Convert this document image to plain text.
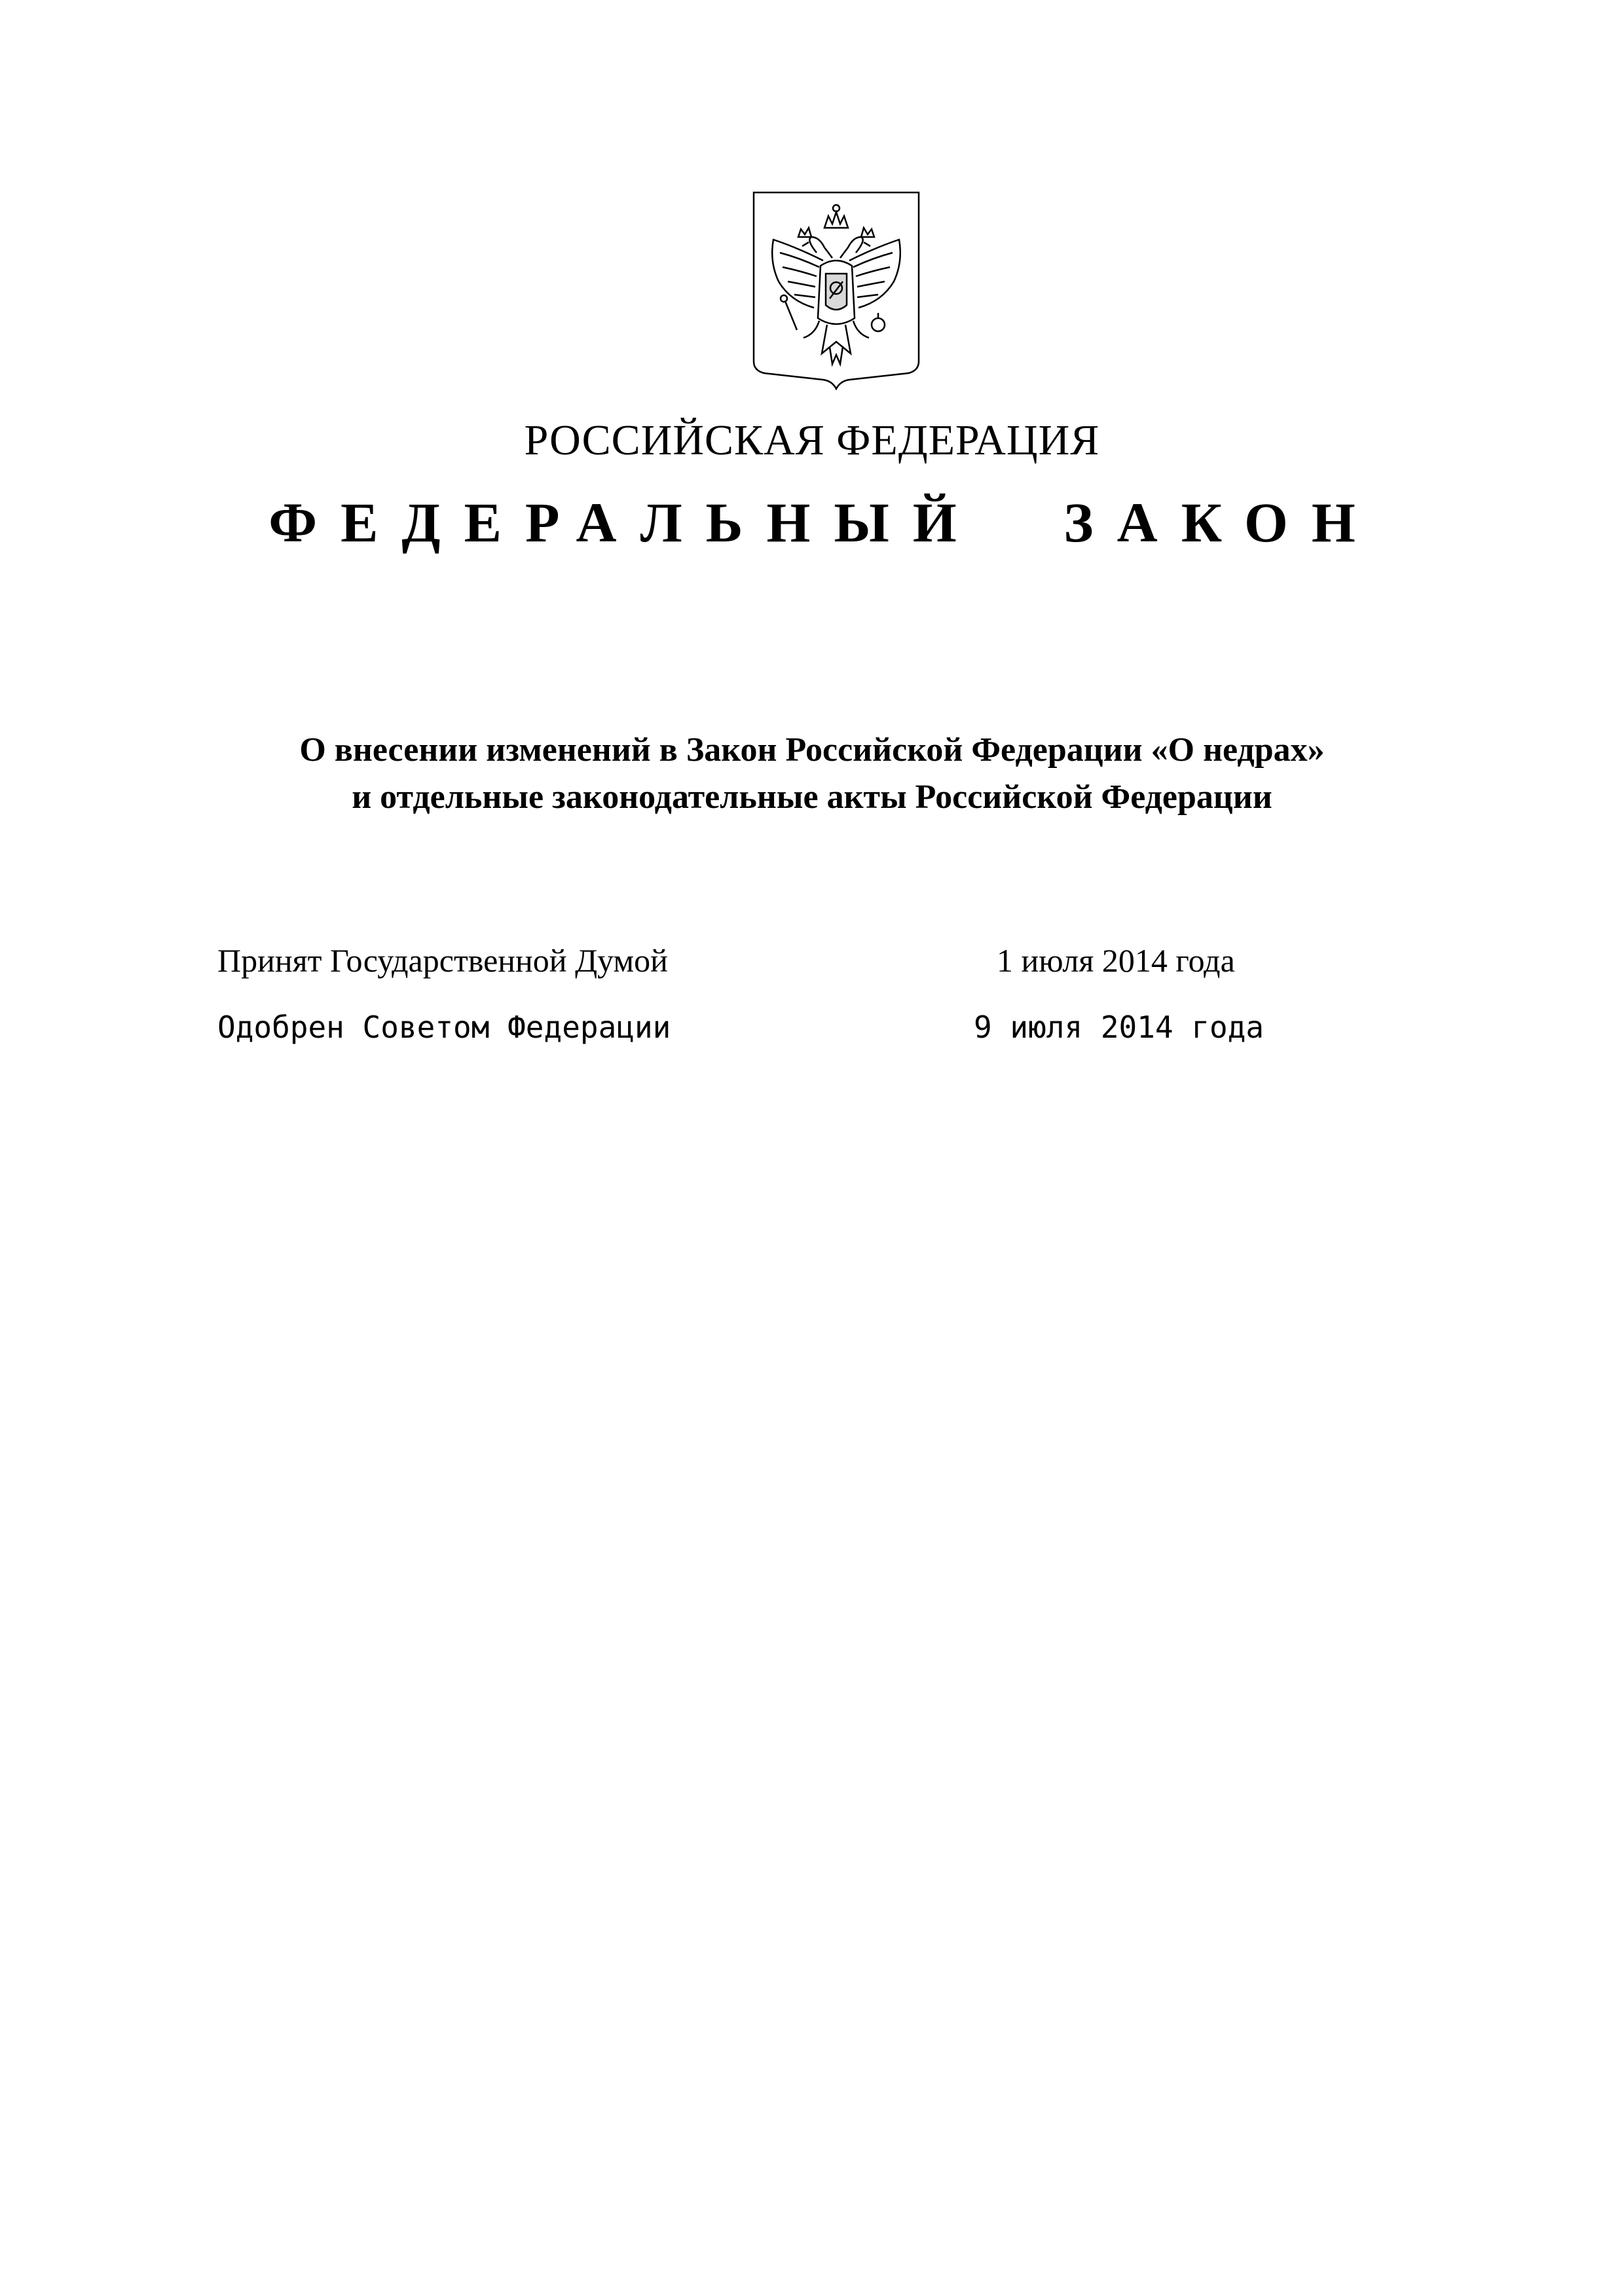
РОССИЙСКАЯ ФЕДЕРАЦИЯ
ФЕДЕРАЛЬНЫЙ ЗАКОН
О внесении изменений в Закон Российской Федерации «О недрах»
и отдельные законодательные акты Российской Федерации
Принят Государственной Думой	1 июля 2014 года
Одобрен Советом Федерации	9 июля 2014 года
